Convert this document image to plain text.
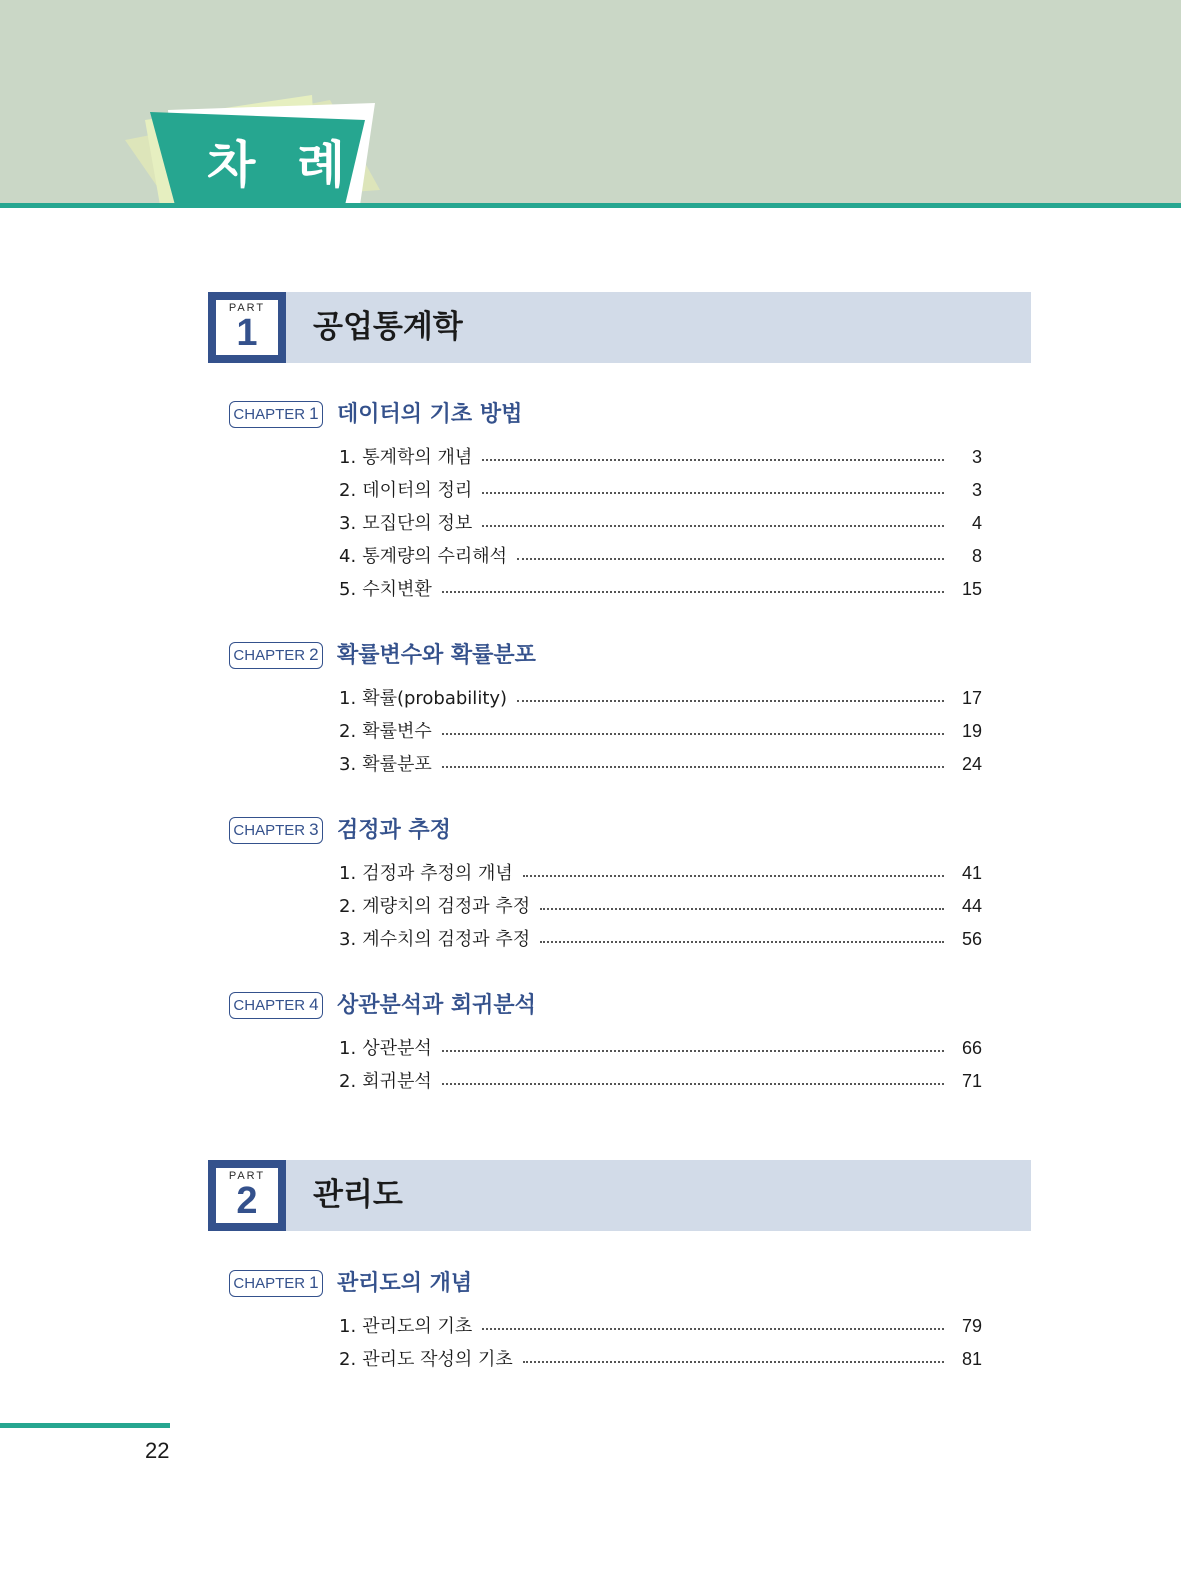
차 례
PART
1	공업통계학
CHAPTER 1 데이터의 기초 방법
1. 통계학의 개념	3
2. 데이터의 정리	3
3. 모집단의 정보	4
4. 통계량의 수리해석	8
5. 수치변환	15
CHAPTER 2 확률변수와 확률분포
1. 확률(probability)	17
2. 확률변수	19
3. 확률분포	24
CHAPTER 3 검정과 추정
1. 검정과 추정의 개념	41
2. 계량치의 검정과 추정	44
3. 계수치의 검정과 추정	56
CHAPTER 4 상관분석과 회귀분석
1. 상관분석	66
2. 회귀분석	71
PART
2	관리도
CHAPTER 1 관리도의 개념
1. 관리도의 기초	79
2. 관리도 작성의 기초	81
22
